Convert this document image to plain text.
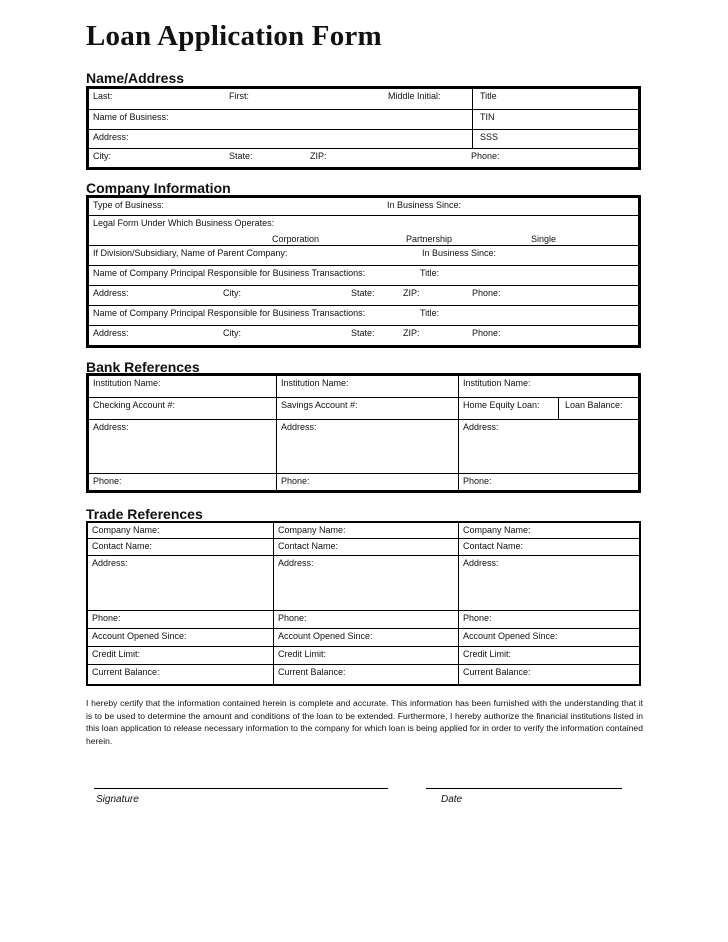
Loan Application Form
Name/Address
Last:	First:	Middle Initial:	Title
Name of Business:	TIN
Address:	SSS
City:	State:	ZIP:	Phone:
Company Information
Type of Business:	In Business Since:
Legal Form Under Which Business Operates:
Corporation	Partnership	Single
If Division/Subsidiary, Name of Parent Company:	In Business Since:
Name of Company Principal Responsible for Business Transactions:	Title:
Address:	City:	State:	ZIP:	Phone:
Name of Company Principal Responsible for Business Transactions:	Title:
Address:	City:	State:	ZIP:	Phone:
Bank References
Institution Name:	Institution Name:	Institution Name:
Checking Account #:	Savings Account #:	Home Equity Loan:	Loan Balance:
Address:	Address:	Address:
Phone:	Phone:	Phone:
Trade References
Company Name:	Company Name:	Company Name:
Contact Name:	Contact Name:	Contact Name:
Address:	Address:	Address:
Phone:	Phone:	Phone:
Account Opened Since:	Account Opened Since:	Account Opened Since:
Credit Limit:	Credit Limit:	Credit Limit:
Current Balance:	Current Balance:	Current Balance:
I hereby certify that the information contained herein is complete and accurate. This information has been furnished with the understanding that it is to be used to determine the amount and conditions of the loan to be extended. Furthermore, I hereby authorize the financial institutions listed in this loan application to release necessary information to the company for which loan is being applied for in order to verify the information contained herein.
Signature	Date
